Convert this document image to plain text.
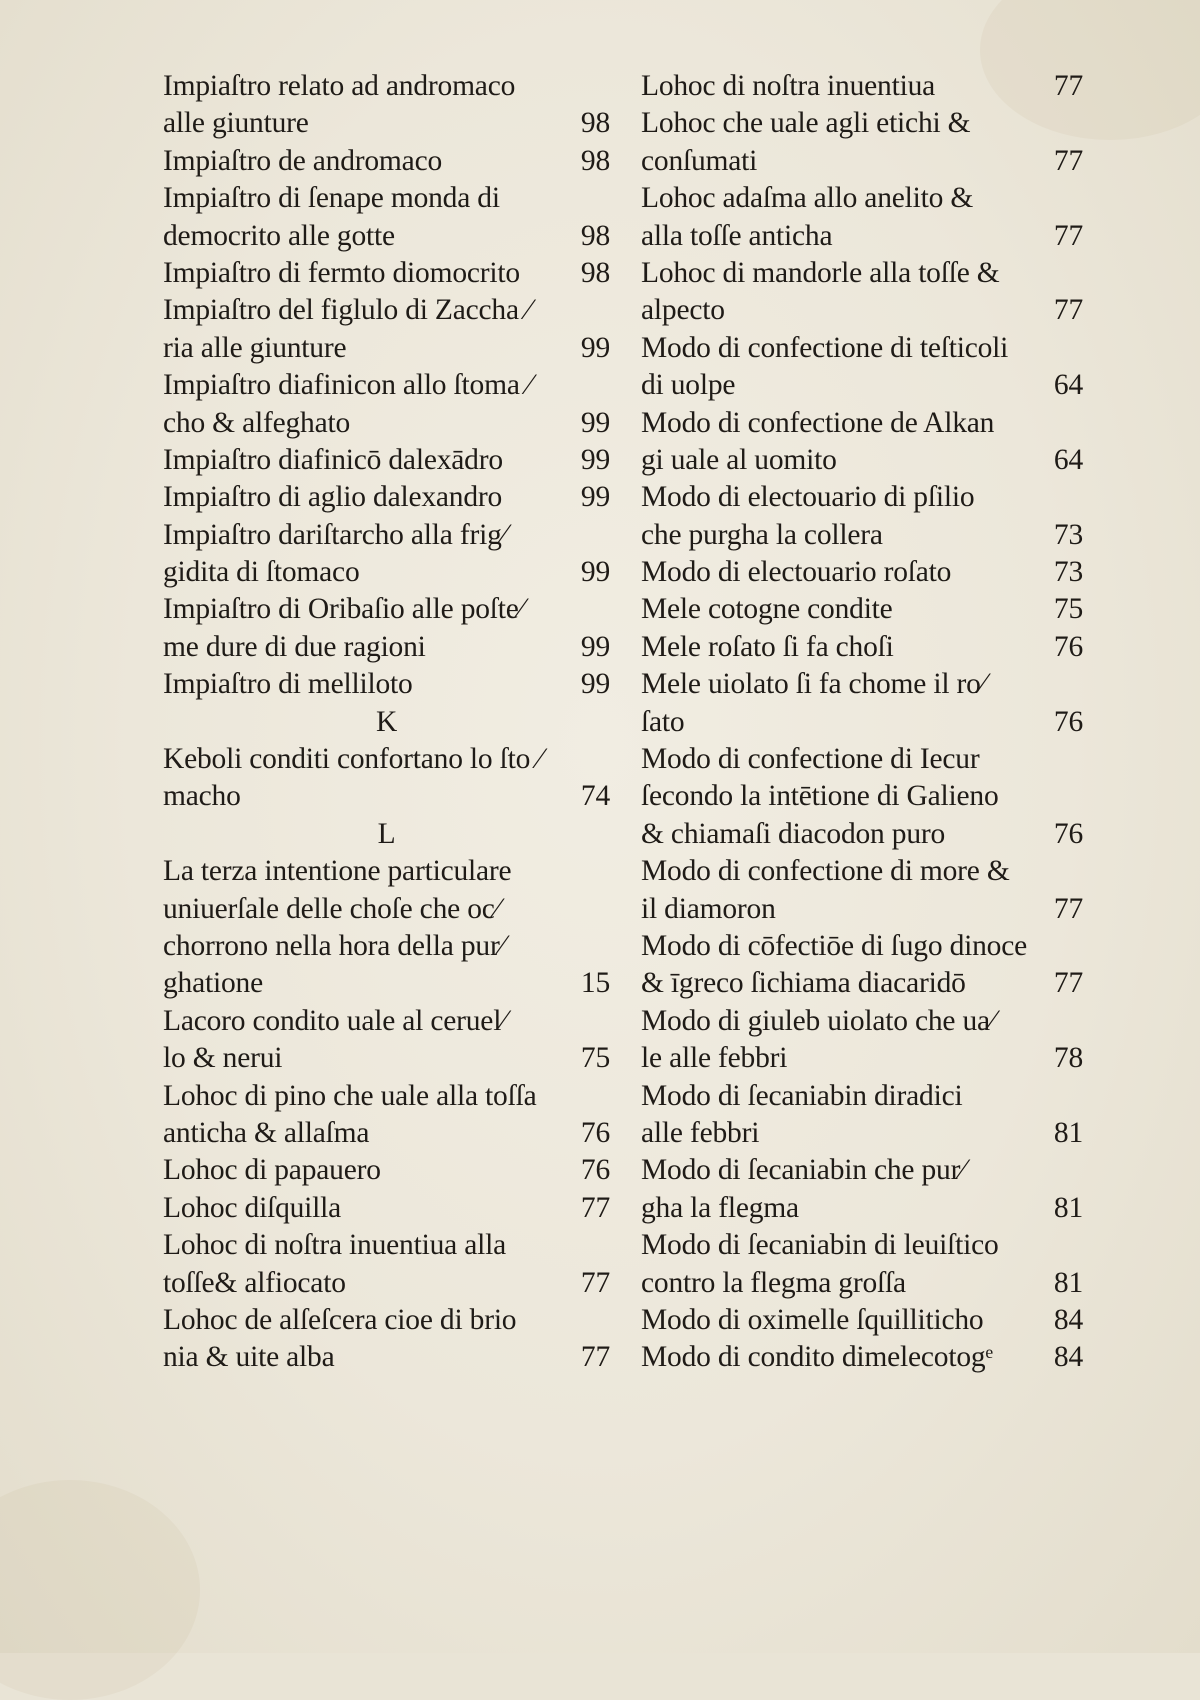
Impiaſtro relato ad andromaco
alle giunture	98
Impiaſtro de andromaco	98
Impiaſtro di ſenape monda di
democrito alle gotte	98
Impiaſtro di fermto diomocrito 98
Impiaſtro del figlulo di Zaccha ⁄
ria alle giunture	99
Impiaſtro diafinicon allo ſtoma ⁄
cho & alfeghato	99
Impiaſtro diafinicō dalexādro	99
Impiaſtro di aglio dalexandro	99
Impiaſtro dariſtarcho alla frig⁄
gidita di ſtomaco	99
Impiaſtro di Oribaſio alle poſte⁄
me dure di due ragioni	99
Impiaſtro di melliloto	99
K
Keboli conditi confortano lo ſto ⁄
macho	74
L
La terza intentione particulare
uniuerſale delle choſe che oc⁄
chorrono nella hora della pur⁄
ghatione	15
Lacoro condito uale al ceruel⁄
lo & nerui	75
Lohoc di pino che uale alla toſſa
anticha & allaſma	76
Lohoc di papauero	76
Lohoc diſquilla	77
Lohoc di noſtra inuentiua alla
toſſe& alfiocato	77
Lohoc de alſeſcera cioe di brio
nia & uite alba	77
Lohoc di noſtra inuentiua	77
Lohoc che uale agli etichi &
conſumati	77
Lohoc adaſma allo anelito &
alla toſſe anticha	77
Lohoc di mandorle alla toſſe &
alpecto	77
Modo di confectione di teſticoli
di uolpe	64
Modo di confectione de Alkan
gi uale al uomito	64
Modo di electouario di pſilio
che purgha la collera	73
Modo di electouario roſato	73
Mele cotogne condite	75
Mele roſato ſi fa choſi	76
Mele uiolato ſi fa chome il ro⁄
ſato	76
Modo di confectione di Iecur
ſecondo la intētione di Galieno
& chiamaſi diacodon puro	76
Modo di confectione di more &
il diamoron	77
Modo di cōfectiōe di ſugo dinoce
& īgreco ſichiama diacaridō	77
Modo di giuleb uiolato che ua⁄
le alle febbri	78
Modo di ſecaniabin diradici
alle febbri	81
Modo di ſecaniabin che pur⁄
gha la flegma	81
Modo di ſecaniabin di leuiſtico
contro la flegma groſſa	81
Modo di oximelle ſquilliticho 84
Modo di condito dimelecotogᵉ 84
